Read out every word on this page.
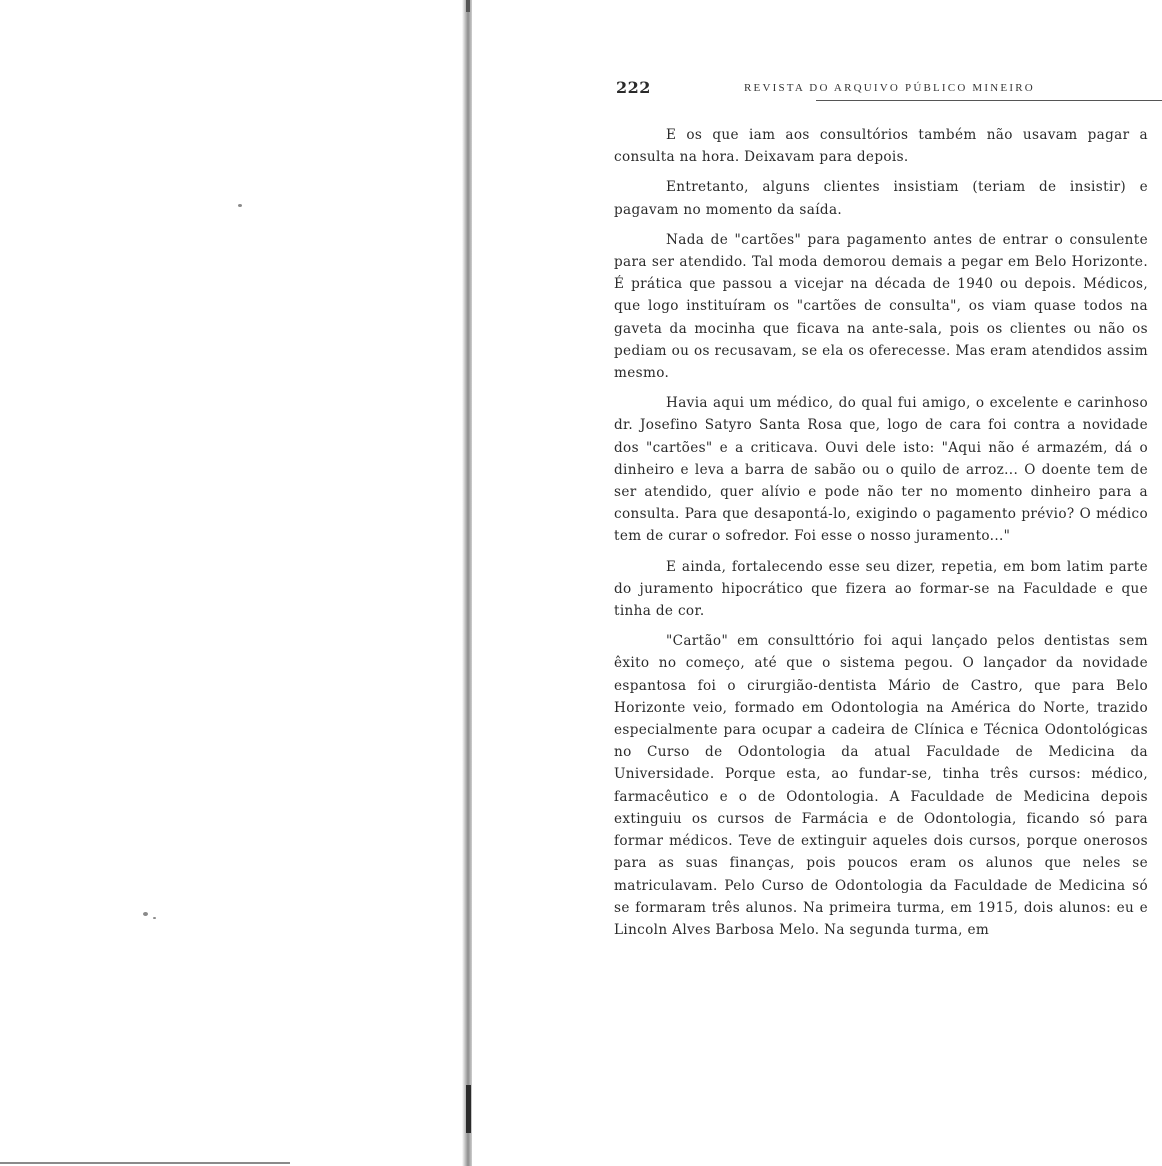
222	REVISTA DO ARQUIVO PÚBLICO MINEIRO

E os que iam aos consultórios também não usavam pagar a consulta na hora. Deixavam para depois.

Entretanto, alguns clientes insistiam (teriam de insistir) e pagavam no momento da saída.

Nada de "cartões" para pagamento antes de entrar o consulente para ser atendido. Tal moda demorou demais a pegar em Belo Horizonte. É prática que passou a vicejar na década de 1940 ou depois. Médicos, que logo instituíram os "cartões de consulta", os viam quase todos na gaveta da mocinha que ficava na ante-sala, pois os clientes ou não os pediam ou os recusavam, se ela os oferecesse. Mas eram atendidos assim mesmo.

Havia aqui um médico, do qual fui amigo, o excelente e carinhoso dr. Josefino Satyro Santa Rosa que, logo de cara foi contra a novidade dos "cartões" e a criticava. Ouvi dele isto: "Aqui não é armazém, dá o dinheiro e leva a barra de sabão ou o quilo de arroz... O doente tem de ser atendido, quer alívio e pode não ter no momento dinheiro para a consulta. Para que desapontá-lo, exigindo o pagamento prévio? O médico tem de curar o sofredor. Foi esse o nosso juramento..."

E ainda, fortalecendo esse seu dizer, repetia, em bom latim parte do juramento hipocrático que fizera ao formar-se na Faculdade e que tinha de cor.

"Cartão" em consulttório foi aqui lançado pelos dentistas sem êxito no começo, até que o sistema pegou. O lançador da novidade espantosa foi o cirurgião-dentista Mário de Castro, que para Belo Horizonte veio, formado em Odontologia na América do Norte, trazido especialmente para ocupar a cadeira de Clínica e Técnica Odontológicas no Curso de Odontologia da atual Faculdade de Medicina da Universidade. Porque esta, ao fundar-se, tinha três cursos: médico, farmacêutico e o de Odontologia. A Faculdade de Medicina depois extinguiu os cursos de Farmácia e de Odontologia, ficando só para formar médicos. Teve de extinguir aqueles dois cursos, porque onerosos para as suas finanças, pois poucos eram os alunos que neles se matriculavam. Pelo Curso de Odontologia da Faculdade de Medicina só se formaram três alunos. Na primeira turma, em 1915, dois alunos: eu e Lincoln Alves Barbosa Melo. Na segunda turma, em
